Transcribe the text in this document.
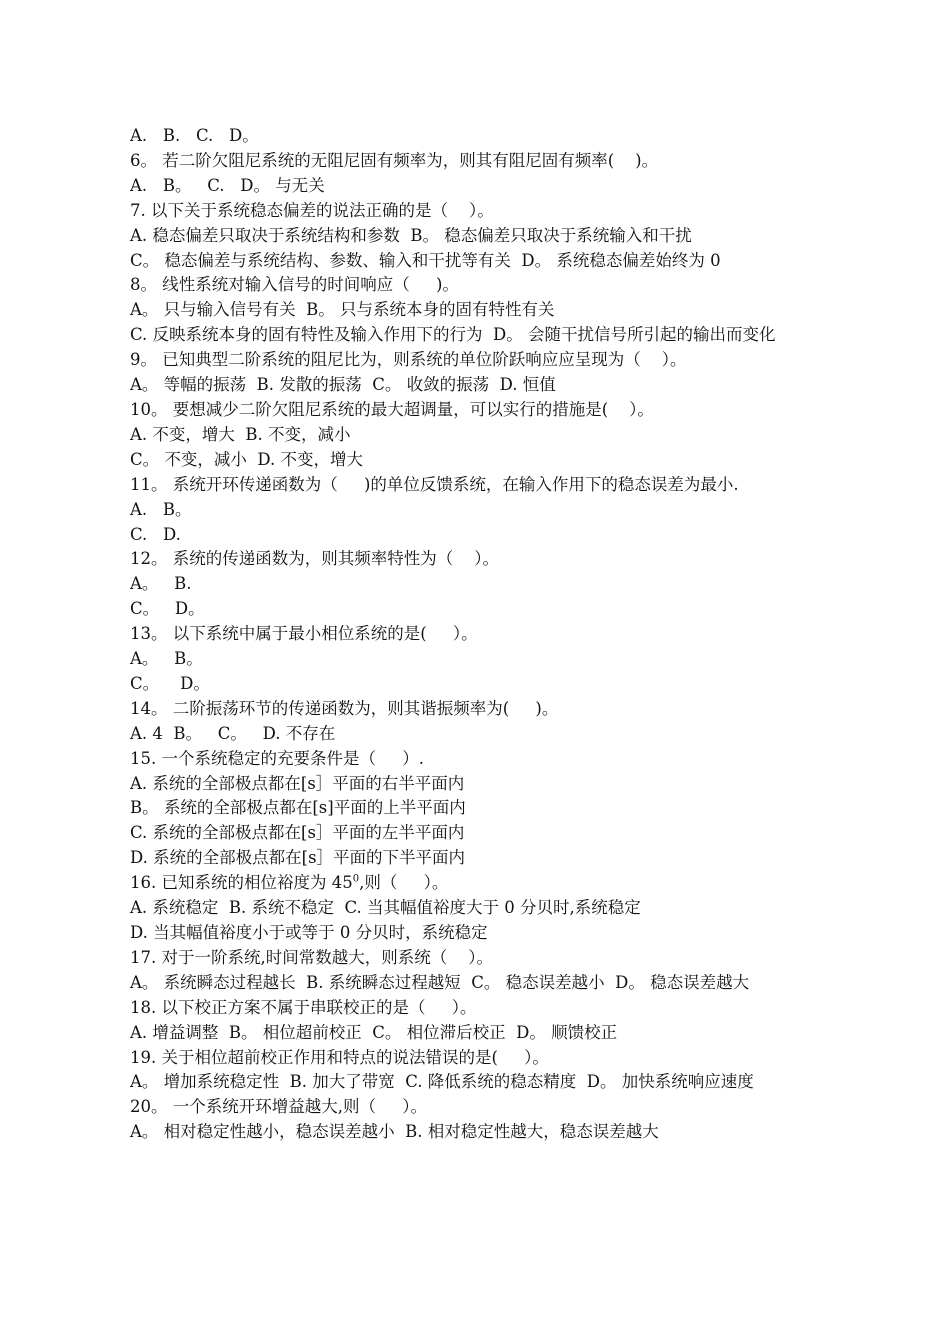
A.   B.   C.   D。
6。 若二阶欠阻尼系统的无阻尼固有频率为，则其有阻尼固有频率(    )。
A.   B。   C.   D。 与无关
7. 以下关于系统稳态偏差的说法正确的是（    ）。
A. 稳态偏差只取决于系统结构和参数  B。 稳态偏差只取决于系统输入和干扰
C。 稳态偏差与系统结构、参数、输入和干扰等有关  D。 系统稳态偏差始终为 0
8。 线性系统对输入信号的时间响应（     )。
A。 只与输入信号有关  B。 只与系统本身的固有特性有关
C. 反映系统本身的固有特性及输入作用下的行为  D。 会随干扰信号所引起的输出而变化
9。 已知典型二阶系统的阻尼比为，则系统的单位阶跃响应应呈现为（    ）。
A。 等幅的振荡  B. 发散的振荡  C。 收敛的振荡  D. 恒值
10。 要想减少二阶欠阻尼系统的最大超调量，可以实行的措施是(    ）。
A. 不变，增大  B. 不变，减小
C。 不变，减小  D. 不变，增大
11。 系统开环传递函数为（     )的单位反馈系统，在输入作用下的稳态误差为最小.
A.   B。
C.   D.
12。 系统的传递函数为，则其频率特性为（    ）。
A。   B.
C。   D。
13。 以下系统中属于最小相位系统的是(     ）。
A。   B。
C。    D。
14。 二阶振荡环节的传递函数为，则其谐振频率为(     )。
A. 4  B。   C。   D. 不存在
15. 一个系统稳定的充要条件是（     ）.
A. 系统的全部极点都在[s］平面的右半平面内
B。 系统的全部极点都在[s]平面的上半平面内
C. 系统的全部极点都在[s］平面的左半平面内
D. 系统的全部极点都在[s］平面的下半平面内
16. 已知系统的相位裕度为 $45^0$,则（     ）。
A. 系统稳定  B. 系统不稳定  C. 当其幅值裕度大于 0 分贝时,系统稳定
D. 当其幅值裕度小于或等于 0 分贝时，系统稳定
17. 对于一阶系统,时间常数越大，则系统（    ）。
A。 系统瞬态过程越长  B. 系统瞬态过程越短  C。 稳态误差越小  D。 稳态误差越大
18. 以下校正方案不属于串联校正的是（     ）。
A. 增益调整  B。 相位超前校正  C。 相位滞后校正  D。 顺馈校正
19. 关于相位超前校正作用和特点的说法错误的是(     ）。
A。 增加系统稳定性  B. 加大了带宽  C. 降低系统的稳态精度  D。 加快系统响应速度
20。 一个系统开环增益越大,则（     ）。
A。 相对稳定性越小，稳态误差越小  B. 相对稳定性越大，稳态误差越大
